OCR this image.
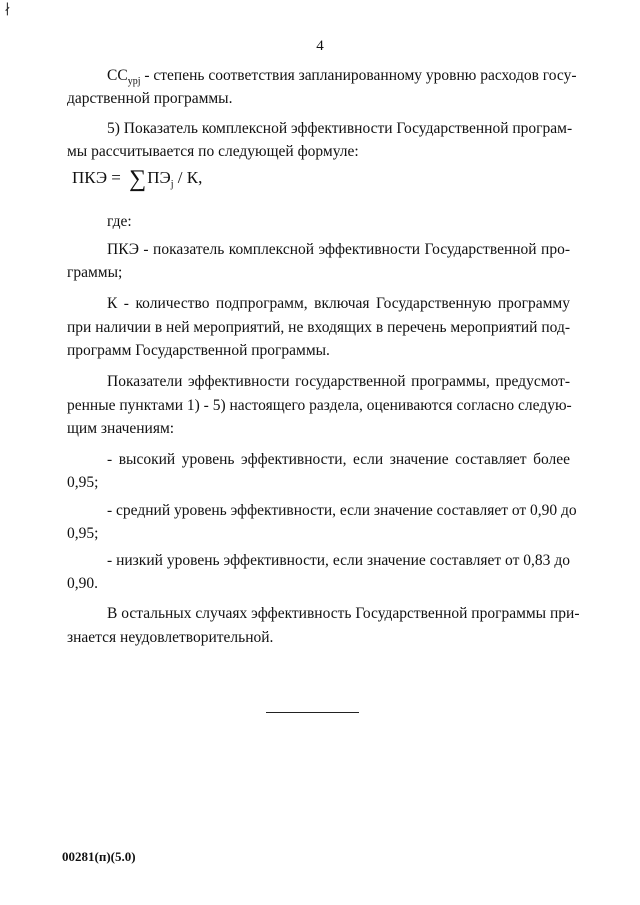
∤
4
$СС_{урj}$ - степень соответствия запланированному уровню расходов госу-
дарственной программы.
5) Показатель комплексной эффективности Государственной програм-
мы рассчитывается по следующей формуле:
ПКЭ = $\sum ПЭ_j$ / К,
где:
ПКЭ - показатель комплексной эффективности Государственной про-
граммы;
К - количество подпрограмм, включая Государственную программу
при наличии в ней мероприятий, не входящих в перечень мероприятий под-
программ Государственной программы.
Показатели эффективности государственной программы, предусмот-
ренные пунктами 1) - 5) настоящего раздела, оцениваются согласно следую-
щим значениям:
- высокий уровень эффективности, если значение составляет более
0,95;
- средний уровень эффективности, если значение составляет от 0,90 до
0,95;
- низкий уровень эффективности, если значение составляет от 0,83 до
0,90.
В остальных случаях эффективность Государственной программы при-
знается неудовлетворительной.
00281(п)(5.0)
